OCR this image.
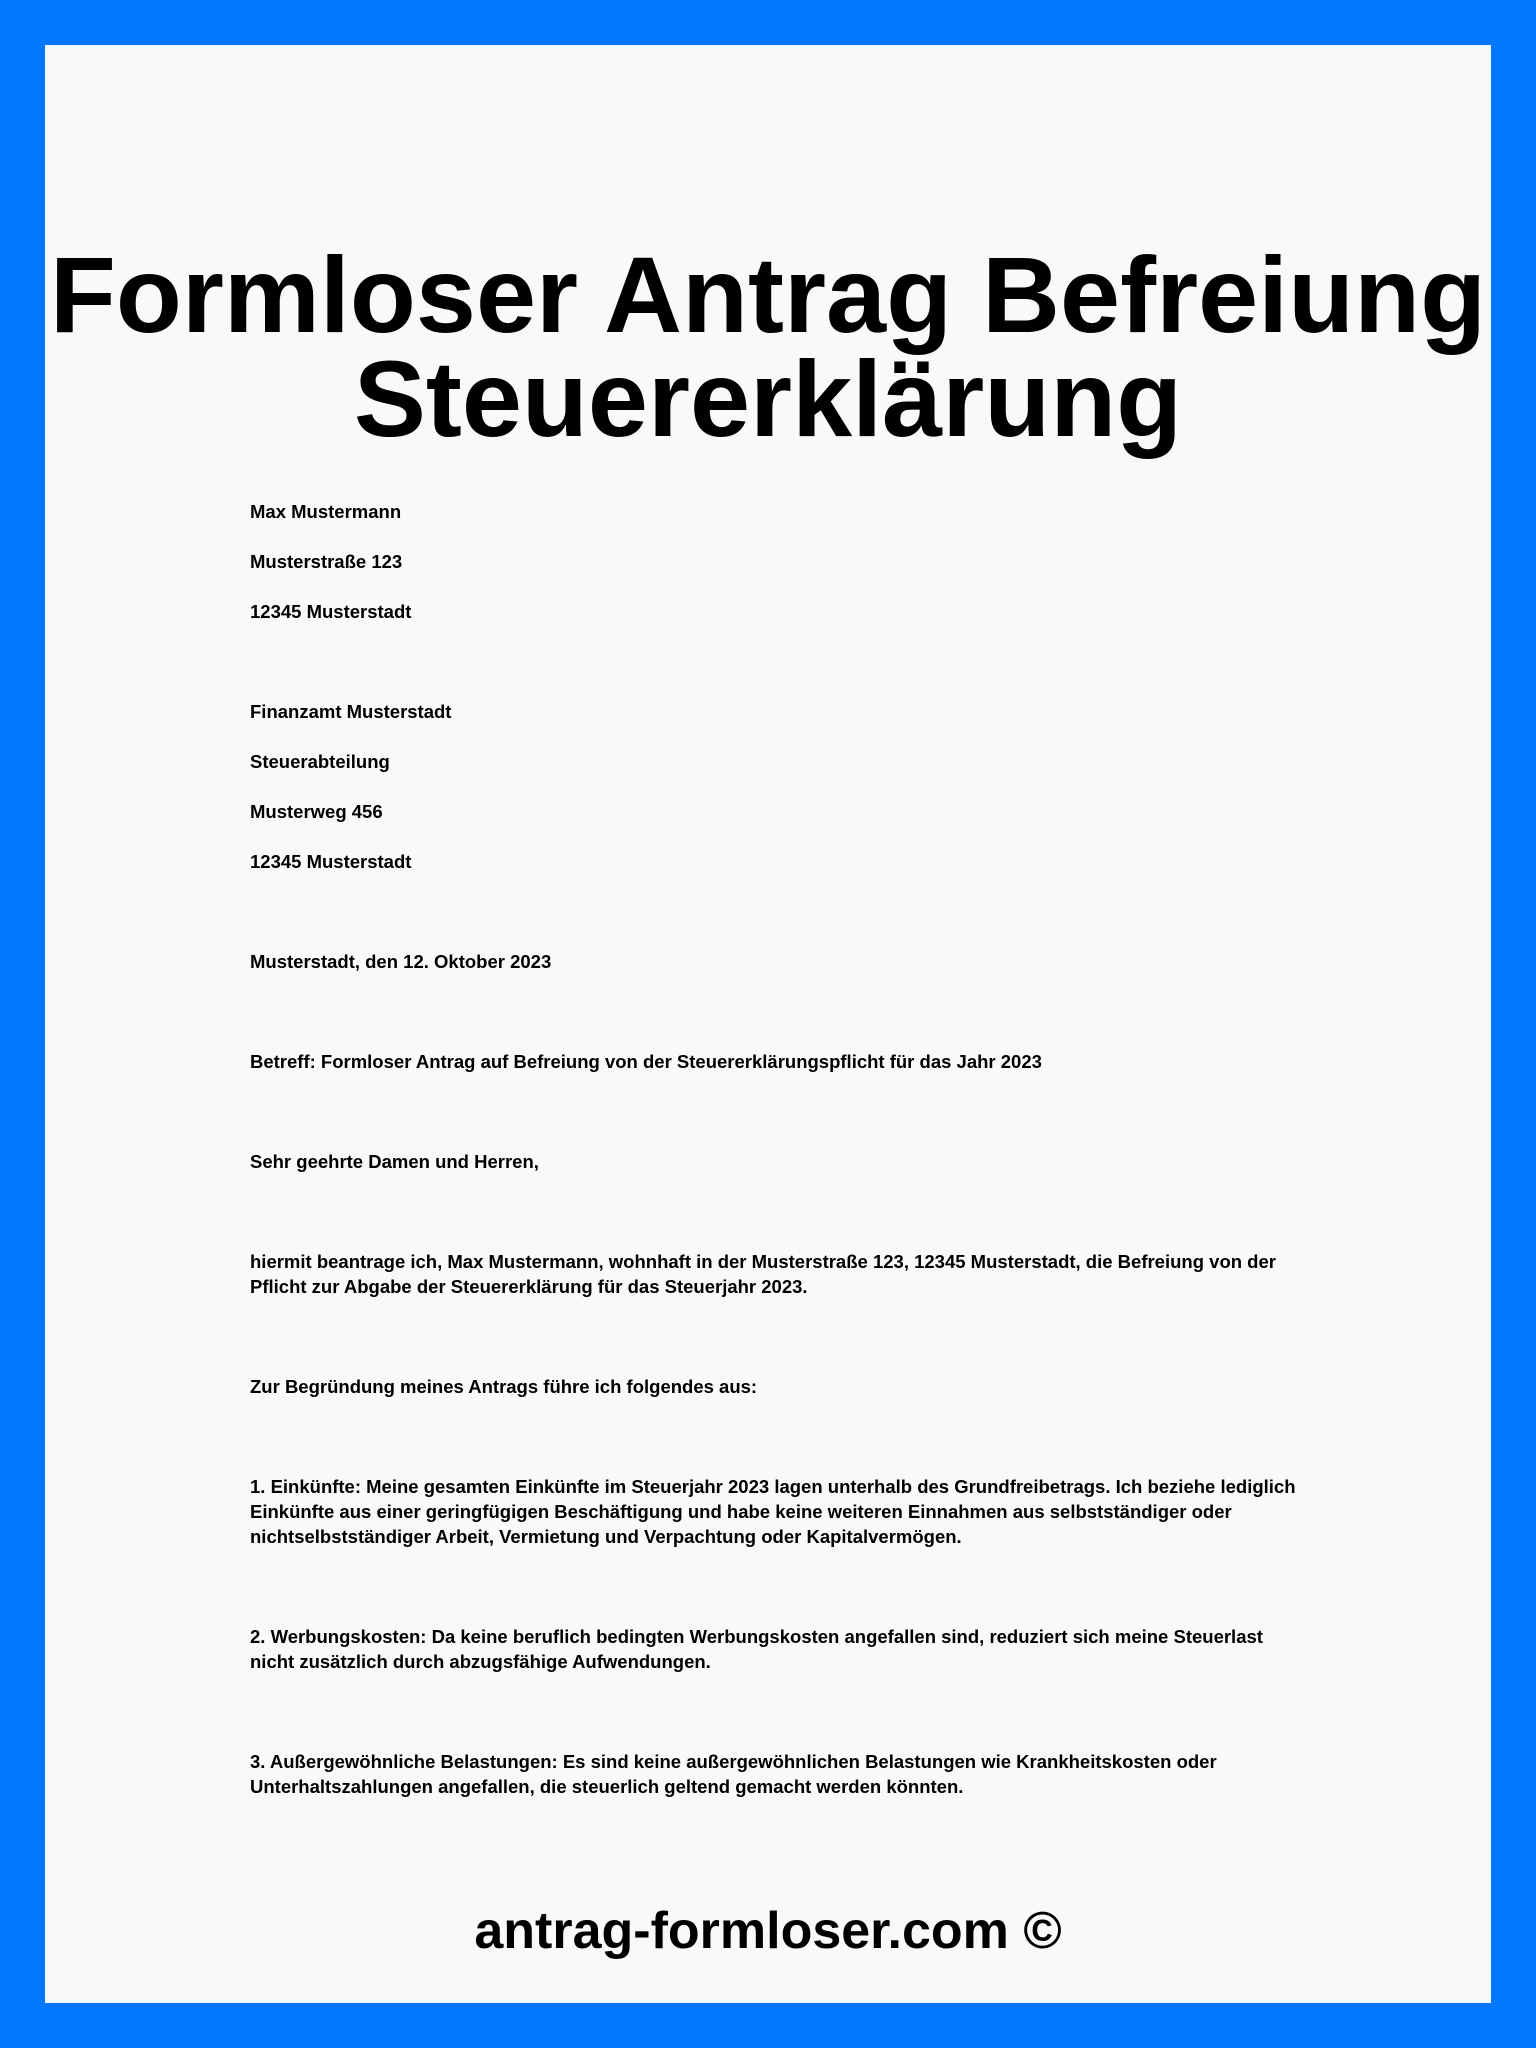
Formloser Antrag Befreiung
Steuererklärung

Max Mustermann

Musterstraße 123

12345 Musterstadt

Finanzamt Musterstadt

Steuerabteilung

Musterweg 456

12345 Musterstadt

Musterstadt, den 12. Oktober 2023

Betreff: Formloser Antrag auf Befreiung von der Steuererklärungspflicht für das Jahr 2023

Sehr geehrte Damen und Herren,

hiermit beantrage ich, Max Mustermann, wohnhaft in der Musterstraße 123, 12345 Musterstadt, die Befreiung von der Pflicht zur Abgabe der Steuererklärung für das Steuerjahr 2023.

Zur Begründung meines Antrags führe ich folgendes aus:

1. Einkünfte: Meine gesamten Einkünfte im Steuerjahr 2023 lagen unterhalb des Grundfreibetrags. Ich beziehe lediglich Einkünfte aus einer geringfügigen Beschäftigung und habe keine weiteren Einnahmen aus selbstständiger oder nichtselbstständiger Arbeit, Vermietung und Verpachtung oder Kapitalvermögen.

2. Werbungskosten: Da keine beruflich bedingten Werbungskosten angefallen sind, reduziert sich meine Steuerlast nicht zusätzlich durch abzugsfähige Aufwendungen.

3. Außergewöhnliche Belastungen: Es sind keine außergewöhnlichen Belastungen wie Krankheitskosten oder Unterhaltszahlungen angefallen, die steuerlich geltend gemacht werden könnten.

antrag-formloser.com ©
